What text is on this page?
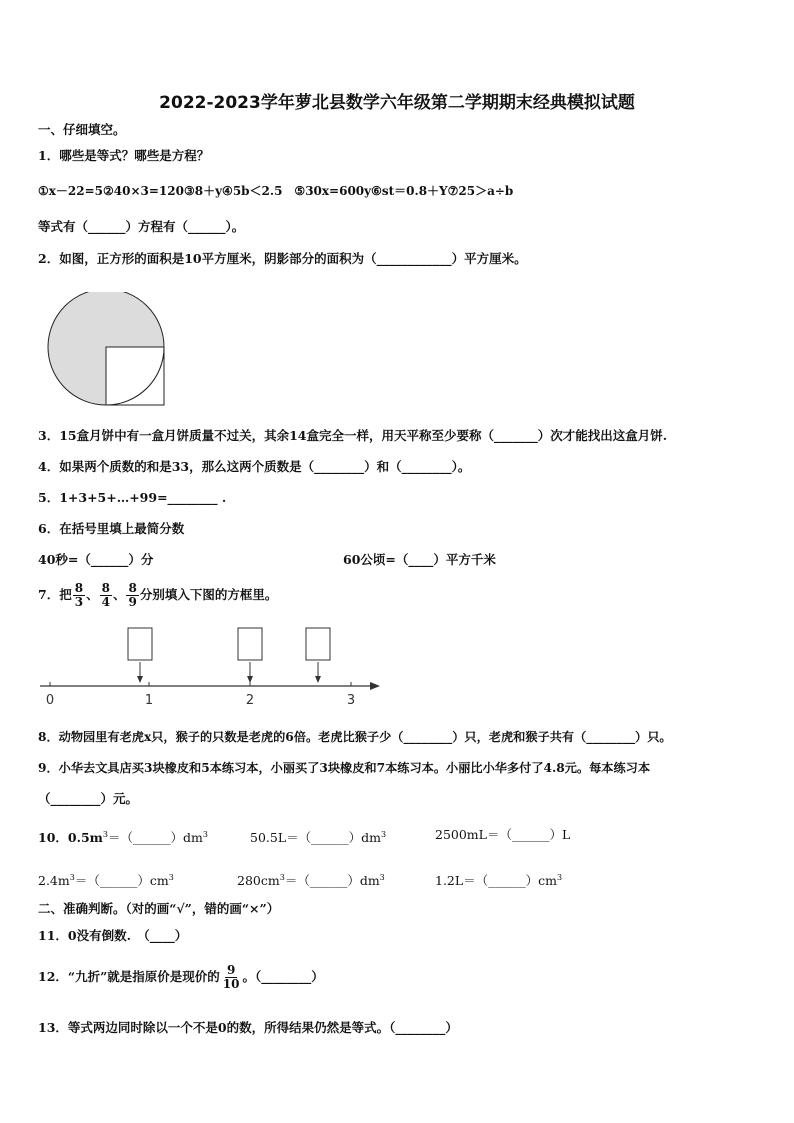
2022-2023学年萝北县数学六年级第二学期期末经典模拟试题
一、仔细填空。
1．哪些是等式？哪些是方程？
①x－22=5②40×3=120③8＋y④5b＜2.5　⑤30x=600y⑥st＝0.8＋Y⑦25＞a÷b
等式有（______）方程有（______）。
2．如图，正方形的面积是10平方厘米，阴影部分的面积为（____________）平方厘米。
3．15盒月饼中有一盒月饼质量不过关，其余14盒完全一样，用天平称至少要称（_______）次才能找出这盒月饼.
4．如果两个质数的和是33，那么这两个质数是（________）和（________）。
5．1+3+5+…+99=________ .
6．在括号里填上最简分数
40秒=（______）分	60公顷=（____）平方千米
7．把 $\frac{8}{3}$ 、 $\frac{8}{4}$ 、 $\frac{8}{9}$ 分别填入下图的方框里。
0	1	2	3
8．动物园里有老虎x只，猴子的只数是老虎的6倍。老虎比猴子少（________）只，老虎和猴子共有（________）只。
9．小华去文具店买3块橡皮和5本练习本，小丽买了3块橡皮和7本练习本。小丽比小华多付了4.8元。每本练习本
（________）元。
10．$0.5m^3=(\_\_\_\_\_\_)dm^3$	$50.5L=(\_\_\_\_\_\_)dm^3$	2500mL＝（______）L
$2.4m^3=(\_\_\_\_\_\_)cm^3$	$280cm^3=(\_\_\_\_\_\_)dm^3$	$1.2L=(\_\_\_\_\_\_)cm^3$
二、准确判断。（对的画“√”，错的画“×”）
11．0没有倒数.　（____）
12．“九折”就是指原价是现价的 $\frac{9}{10}$ 。（________）
13．等式两边同时除以一个不是0的数，所得结果仍然是等式。（________）
